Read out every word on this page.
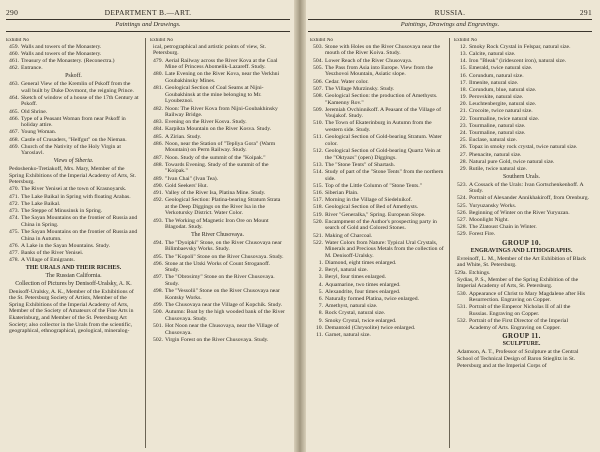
290	DEPARTMENT B.—ART.
Paintings and Drawings.
Exhibit No
459. Walls and towers of the Monastery.
460. Walls and towers of the Monastery.
461. Treasury of the Monastery. (Reconectra.)
462. Entrance.
Pskoff.
463. General View of the Kremlin of Pskoff from the wall built by Duke Dovmont, the reigning Prince.
464. Sketch of window of a house of the 17th Century at Pskoff.
465. Old Shrine.
466. Type of a Peasant Woman from near Pskoff in holiday attire.
467. Young Woman.
468. Castle of Crusaders, "Helfgut" on the Nieman.
469. Church of the Nativity of the Holy Virgin at Yaroslavl.
Views of Siberia.
Pedoshenko-Tretiakoff, Mrs. Mary, Member of the Spring Exhibitions of the Imperial Academy of Arts, St. Petersburg.
470. The River Yenisei at the town of Krasnoyarsk.
471. The Lake Baikal in Spring with floating Arabas.
472. The Lake Baikal.
473. The Steppe of Minusinsk in Spring.
474. The Sayan Mountains on the frontier of Russia and China in Spring.
475. The Sayan Mountains on the frontier of Russia and China in Autumn.
476. A Lake in the Sayan Mountains. Study.
477. Banks of the River Yenisei.
478. A Village of Emigrants.
THE URALS AND THEIR RICHES.
The Russian California.
Collection of Pictures by Denisoff-Uralsky, A. K.
Denisoff-Uralsky, A. K., Member of the Exhibitions of the St. Petersburg Society of Artists, Member of the Spring Exhibitions of the Imperial Academy of Arts, Member of the Society of Amateurs of the Fine Arts in Ekaterinburg, and Member of the St. Petersburg Art Society; also collector in the Urals from the scientific, geographical, ethnographical, geological, mineralog-
Exhibit No
ical, petrographical and artistic points of view, St. Petersburg.
479. Aerial Railway across the River Kova at the Coal Mine of Princess Abomelik-Lazareff. Study.
480. Late Evening on the River Kova, near the Verkhni Goubakhinsky Mines.
481. Geological Section of Coal Seams at Nijni-Goubakhinsk at the mine belonging to Mr. Lyoubeznoi.
482. Noon: The River Kova from Nijni-Goubakhinsky Railway Bridge.
483. Evening on the River Kosva. Study.
484. Karpikta Mountain on the River Kosva. Study.
485. A Zirian. Study.
486. Noon, near the Station of "Tepliya Gora" (Warm Mountain) on Perm Railway. Study.
487. Noon. Study of the summit of the "Koipak."
488. Towards Evening. Study of the summit of the "Koipak."
489. "Ivan Chai" (Ivan Tea).
490. Gold Seekers' Hut.
491. Valley of the River Isa, Platina Mine. Study.
492. Geological Section: Platina-bearing Stratum Strata at the Deep Diggings on the River Isa in the Verkotursky District. Water Color.
493. The Working of Magnetic Iron Ore on Mount Blagodat. Study.
The River Chusovaya.
494. The "Dyoipki" Stone, on the River Chusovaya near Bilimbaevsky Works. Study.
495. The "Kopoli" Stone on the River Chusovaya. Study.
496. Stone at the Utski Works of Count Stroganoff. Study.
497. The "Obrosimy" Stone on the River Chusovaya. Study.
498. The "Vessolii" Stone on the River Chusovaya near Kontsky Works.
499. The Chusovaya near the Village of Kopchik. Study.
500. Autumn: Boat by the high wooded bank of the River Chusovaya. Study.
501. Hot Noon near the Chusovaya, near the Village of Chusovaya.
502. Virgin Forest on the River Chusovaya. Study.
RUSSIA.	291
Paintings, Drawings and Engravings.
Exhibit No
503. Stone with Holes on the River Chusovaya near the mouth of the River Koiva. Study.
504. Lower Reach of the River Chusovaya.
505. The Pass from Asia into Europe. View from the Yeszhovoi Mountain, Asiatic slope.
506. Cedar. Water color.
507. The Village Murzinsky. Study.
508. Geological Section: the production of Amethysts. "Kamenny Rov."
509. Jeremiah Ovchinnikoff. A Peasant of the Village of Voujakof. Study.
510. The Town of Ekaterinburg in Autumn from the western side. Study.
511. Geological Section of Gold-bearing Stratum. Water color.
512. Geological Section of Gold-bearing Quartz Vein at the "Oktyazs" (open) Diggings.
513. The "Stone Tents" of Shartash.
514. Study of part of the "Stone Tents" from the northern side.
515. Top of the Little Column of "Stone Tents."
516. Siberian Plain.
517. Morning in the Village of Siedelnikof.
518. Geological Section of Bed of Amethysts.
519. River "Generalka," Spring. European Slope.
520. Encampment of the Author's prospecting party in search of Gold and Colored Stones.
521. Making of Charcoal.
522. Water Colors from Nature: Typical Ural Crystals, Minerals and Precious Metals from the collection of M. Denisoff-Uralsky.
1. Diamond, eight times enlarged.
2. Beryl, natural size.
3. Beryl, four times enlarged.
4. Aquamarine, two times enlarged.
5. Alexandrite, four times enlarged.
6. Naturally formed Platina, twice enlarged.
7. Amethyst, natural size.
8. Rock Crystal, natural size.
9. Smoky Crystal, twice enlarged.
10. Demantoid (Chrysolite) twice enlarged.
11. Garnet, natural size.
Exhibit No
12. Smoky Rock Crystal in Felspar, natural size.
13. Calcite, natural size.
14. Iron "Bleak" (iridescent iron), natural size.
15. Emerald, twice natural size.
16. Corundum, natural size.
17. Ilmenite, natural size.
18. Corundum, blue, natural size.
19. Perovskite, natural size.
20. Leuchtenbergite, natural size.
21. Crocoite, twice natural size.
22. Tourmaline, twice natural size.
23. Tourmaline, natural size.
24. Tourmaline, natural size.
25. Euclase, natural size.
26. Topaz in smoky rock crystal, twice natural size.
27. Phenacite, natural size.
28. Natural pure Gold, twice natural size.
29. Rutile, twice natural size.
Southern Urals.
523. A Cossack of the Urals: Ivan Gortschenkenhoff. A Study.
524. Portrait of Alexander Annikhakiroff, from Orenburg.
525. Yuryuzansky Works.
526. Beginning of Winter on the River Yuryuzan.
527. Moonlight Night.
528. The Zlatoust Chain in Winter.
529. Forest Fire.
GROUP 10.
ENGRAVINGS AND LITHOGRAPHS.
Evreinoff, L. M., Member of the Art Exhibition of Black and White, St. Petersburg.
529a. Etchings.
Sydias, P. S., Member of the Spring Exhibition of the Imperial Academy of Arts, St. Petersburg.
530. Appearance of Christ to Mary Magdalene after His Resurrection. Engraving on Copper.
531. Portrait of the Emperor Nicholas II of all the Russias. Engraving on Copper.
532. Portrait of the First Director of the Imperial Academy of Arts. Engraving on Copper.
GROUP 11.
SCULPTURE.
Adamson, A. T., Professor of Sculpture at the Central School of Technical Design of Baron Stieglitz in St. Petersburg and at the Imperial Corps of
